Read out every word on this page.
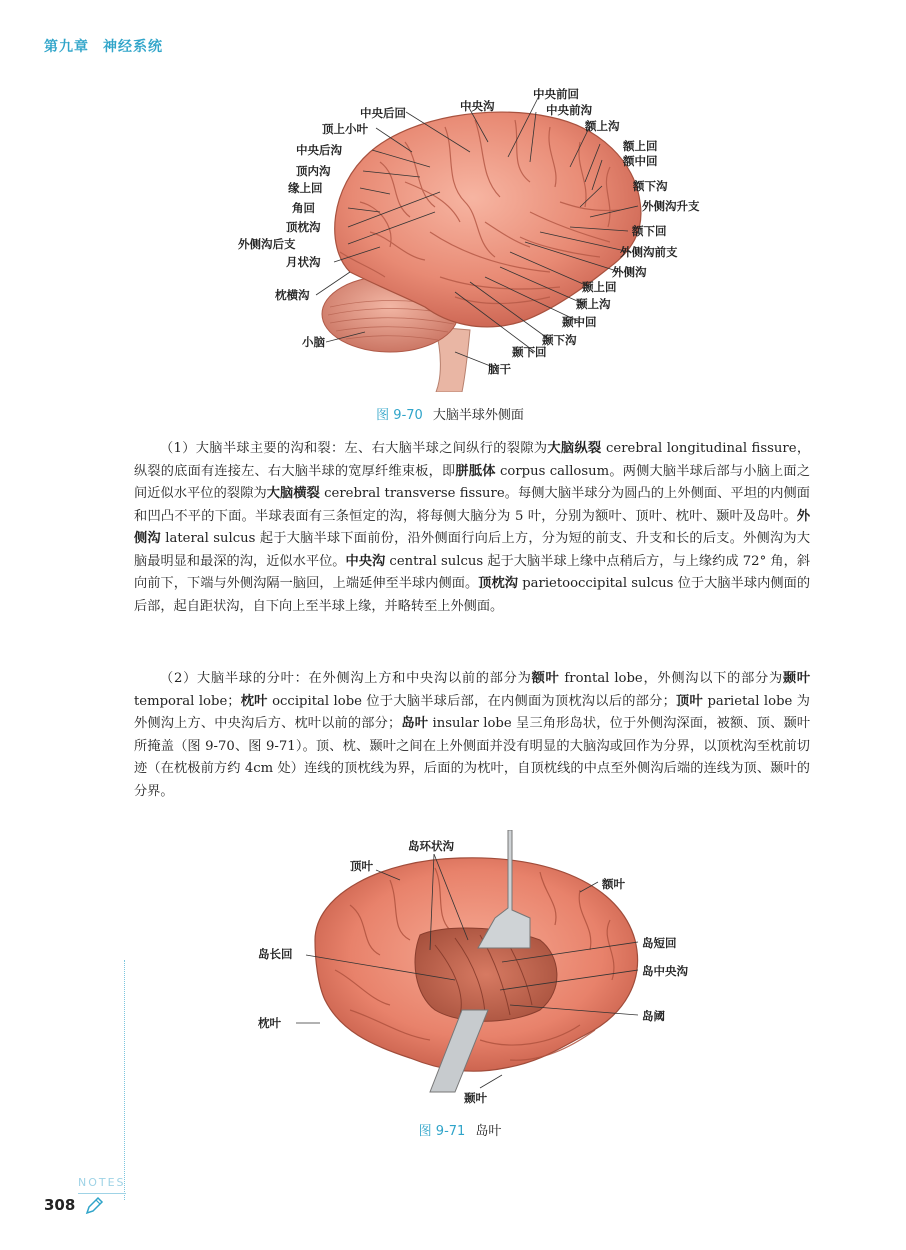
第九章 神经系统
中央后回	中央沟
中央前回
中央前沟
顶上小叶
中央后沟
额上沟
顶内沟
额上回
额中回
缘上回	额下沟
角回	外侧沟升支
顶枕沟	额下回
外侧沟后支
外侧沟前支
月状沟
外侧沟
颞上回
枕横沟
颞上沟
颞中回
颞下沟
小脑
颞下回
脑干
图 9-70 大脑半球外侧面
（1）大脑半球主要的沟和裂：左、右大脑半球之间纵行的裂隙为大脑纵裂 cerebral longitudinal fissure，纵裂的底面有连接左、右大脑半球的宽厚纤维束板，即胼胝体 corpus callosum。两侧大脑半球后部与小脑上面之间近似水平位的裂隙为大脑横裂 cerebral transverse fissure。每侧大脑半球分为圆凸的上外侧面、平坦的内侧面和凹凸不平的下面。半球表面有三条恒定的沟，将每侧大脑分为 5 叶，分别为额叶、顶叶、枕叶、颞叶及岛叶。外侧沟 lateral sulcus 起于大脑半球下面前份，沿外侧面行向后上方，分为短的前支、升支和长的后支。外侧沟为大脑最明显和最深的沟，近似水平位。中央沟 central sulcus 起于大脑半球上缘中点稍后方，与上缘约成 72° 角，斜向前下，下端与外侧沟隔一脑回，上端延伸至半球内侧面。顶枕沟 parietooccipital sulcus 位于大脑半球内侧面的后部，起自距状沟，自下向上至半球上缘，并略转至上外侧面。
（2）大脑半球的分叶：在外侧沟上方和中央沟以前的部分为额叶 frontal lobe，外侧沟以下的部分为颞叶 temporal lobe；枕叶 occipital lobe 位于大脑半球后部，在内侧面为顶枕沟以后的部分；顶叶 parietal lobe 为外侧沟上方、中央沟后方、枕叶以前的部分；岛叶 insular lobe 呈三角形岛状，位于外侧沟深面，被额、顶、颞叶所掩盖（图 9-70、图 9-71）。顶、枕、颞叶之间在上外侧面并没有明显的大脑沟或回作为分界，以顶枕沟至枕前切迹（在枕极前方约 4cm 处）连线的顶枕线为界，后面的为枕叶，自顶枕线的中点至外侧沟后端的连线为顶、颞叶的分界。
岛环状沟
顶叶
额叶
岛短回
岛长回
岛中央沟
枕叶	岛阈
颞叶
图 9-71 岛叶
NOTES
308
